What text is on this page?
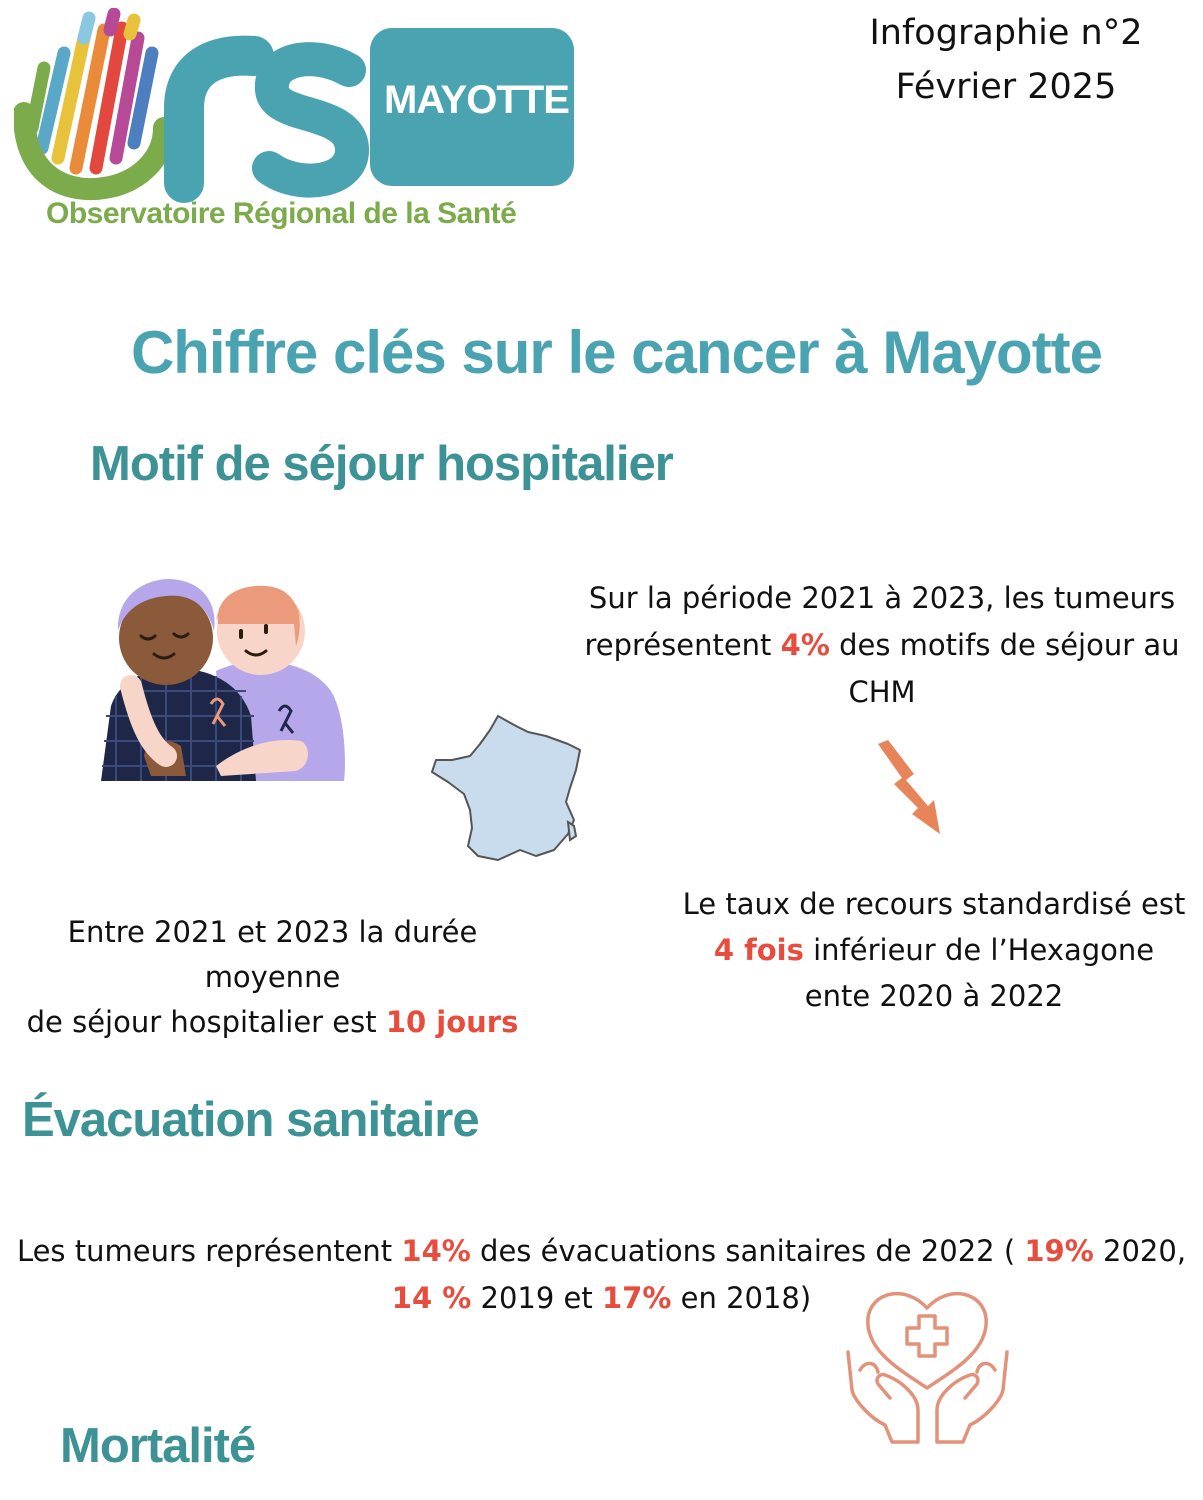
MAYOTTE
Observatoire Régional de la Santé
Infographie n°2
Février 2025
Chiffre clés sur le cancer à Mayotte
Motif de séjour hospitalier
Sur la période 2021 à 2023, les tumeurs
représentent 4% des motifs de séjour au
CHM
Entre 2021 et 2023 la durée moyenne
de séjour hospitalier est 10 jours
Le taux de recours standardisé est
4 fois inférieur de l’Hexagone
ente 2020 à 2022
Évacuation sanitaire
Les tumeurs représentent 14% des évacuations sanitaires de 2022 ( 19% 2020,
14 % 2019 et 17% en 2018)
Mortalité
